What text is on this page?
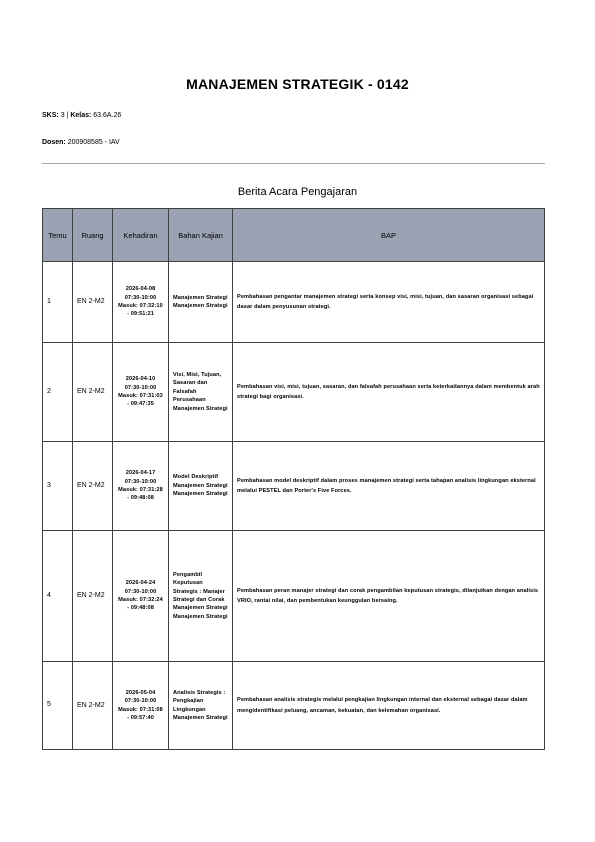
MANAJEMEN STRATEGIK - 0142
SKS: 3 | Kelas: 63.6A.26
Dosen: 200908585 - IAV
Berita Acara Pengajaran
Temu	Ruang	Kehadiran	Bahan Kajian	BAP
1	EN 2-M2	2026-04-08 07:30-10:00 Masuk: 07:32:10 - 09:51:21	Manajemen Strategi Manajemen Strategi	Pembahasan pengantar manajemen strategi serta konsep visi, misi, tujuan, dan sasaran organisasi sebagai dasar dalam penyusunan strategi.
2	EN 2-M2	2026-04-10 07:30-10:00 Masuk: 07:31:03 - 09:47:35	Visi, Misi, Tujuan, Sasaran dan Falsafah Perusahaan Manajemen Strategi	Pembahasan visi, misi, tujuan, sasaran, dan falsafah perusahaan serta keterkaitannya dalam membentuk arah strategi bagi organisasi.
3	EN 2-M2	2026-04-17 07:30-10:00 Masuk: 07:31:28 - 09:48:08	Model Deskriptif Manajemen Strategi Manajemen Strategi	Pembahasan model deskriptif dalam proses manajemen strategi serta tahapan analisis lingkungan eksternal melalui PESTEL dan Porter's Five Forces.
4	EN 2-M2	2026-04-24 07:30-10:00 Masuk: 07:32:24 - 09:48:08	Pengambil Keputusan Strategis : Manajer Strategi dan Corak Manajemen Strategi Manajemen Strategi	Pembahasan peran manajer strategi dan corak pengambilan keputusan strategis, dilanjutkan dengan analisis VRIO, rantai nilai, dan pembentukan keunggulan bersaing.
5	EN 2-M2	2026-05-04 07:30-10:00 Masuk: 07:31:08 - 09:57:40	Analisis Strategis : Pengkajian Lingkungan Manajemen Strategi	Pembahasan analisis strategis melalui pengkajian lingkungan internal dan eksternal sebagai dasar dalam mengidentifikasi peluang, ancaman, kekuatan, dan kelemahan organisasi.
